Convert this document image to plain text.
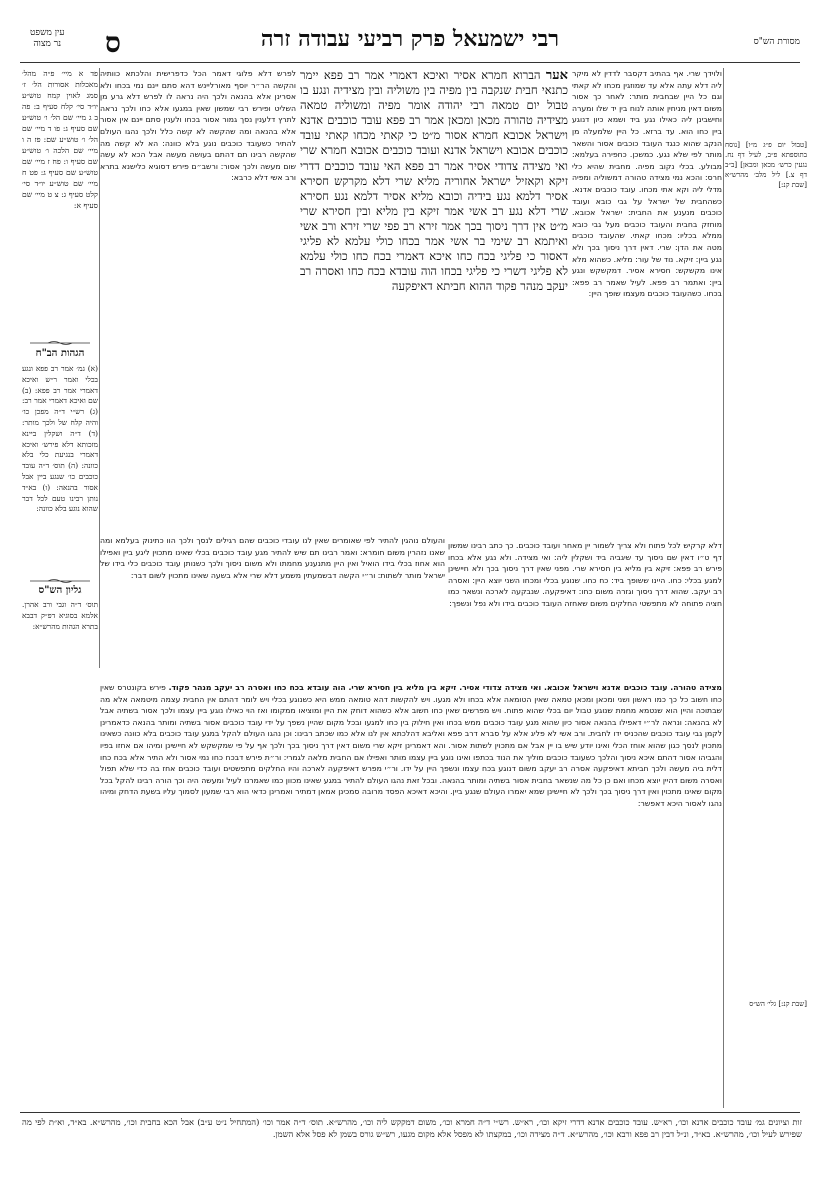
עין משפט
נר מצוה ס	רבי ישמעאל פרק רביעי עבודה זרה	מסורת הש"ס
פד א מיי׳ פ״ה מהל׳ מאכלות אסורות הל׳ ז׳ סמג לאוין קמח טוש״ע יו״ד סי׳ קלח סעיף ב: פה ב ג מיי׳ שם הל׳ ו׳ טוש״ע שם סעיף ג: פו ד מיי׳ שם הל׳ ו׳ טוש״ע שם: פז ה ו מיי׳ שם הלכה ו׳ טוש״ע שם סעיף ו: פח ז מיי׳ שם טוש״ע שם סעיף ג: פט ח מיי׳ שם טוש״ע יו״ד סי׳ קלט סעיף ג: צ ט מיי׳ שם סעיף א:
הגהות הב"ח
(א) גמ׳ אמר רב פפא ונגע בכלי ואמר ר״ש ואיכא דאמרי אמר רב פפא: (ב) שם ואיכא דאמרי אמר רב: (ג) רש״י ד״ה מפכן כו׳ והיה קלח של ולכך מותר: (ד) ד״ה ושקלין ביינא מזכותא דלא פירש׳ ואיכא דאמרי בנגיעת כלי בלא כוונה: (ה) תוס׳ ד״ה עובד כוכבים כו׳ שנגע ביין אבל אסור בהנאה: (ו) בא״ד נותן רבינו טעם לכל דבר שהוא נוגע בלא כוונה:
גליון הש"ס
תוס׳ ד״ה וגבי ורב אהרן. אלמא בסוגיא דפ״ק דבבא בתרא הגהות מהרש״א:
לפרש דלא פלוגי דאמר הכל כדפרישית והלכתא כוותיה והקשה הר״ר יוסף מאורליינש דהא סתם יינם נמי בכחו ולא אסרינן אלא בהנאה ולכך היה נראה לו לפרש דלא גרע מן השליט ופירש רבי שמשון שאין במגעו אלא כחו ולכך נראה לתרץ דלענין נסך גמור אסור בכחו ולענין סתם יינם אין אסור אלא בהנאה ומה שהקשה לא קשה כלל ולכך נהגו העולם להתיר כשעובד כוכבים נוגע בלא כוונה: הא לא קשה מה שהקשה רבינו תם דהתם בעושה מעשה אבל הכא לא עשה שום מעשה ולכך אסור: ורשב״ם פירש דסוגיא כלישנא בתרא ורב אשי דלא כרבא:
אער הברוא חמרא אסיר ואיכא דאמרי אמר רב פפא יימר כתנאי חבית שנקבה בין מפיה בין משוליה ובין מצידיה ונגע בו טבול יום טמאה רבי יהודה אומר מפיה ומשוליה טמאה מצידיה טהורה מכאן ומכאן אמר רב פפא עובד כוכבים אדנא וישראל אכובא חמרא אסור מ״ט כי קאתי מכחו קאתי עובד כוכבים אכובא וישראל אדנא ועובד כוכבים אכובא חמרא שרי ואי מצידה צדודי אסיר אמר רב פפא האי עובד כוכבים דדרי זיקא וקאזיל ישראל אחוריה מליא שרי דלא מקרקש חסירא אסיר דלמא נגע בידיה וכובא מליא אסיר דלמא נגע חסירא שרי דלא נגע רב אשי אמר זיקא בין מליא ובין חסירא שרי מ״ט אין דרך ניסוך בכך אמר זירא רב פפי שרי זירא ורב אשי ואיתמא רב שימי בר אשי אמר בכחו כולי עלמא לא פליגי דאסור כי פליגי בכח כחו איכא דאמרי בכח כחו כולי עלמא לא פליגי דשרי כי פליגי בכחו הוה עובדא בכח כחו ואסרה רב יעקב מנהר פקוד ההוא חביתא דאיפקעה
ולוידך שרי. אף בהתיב דקסבר לדדין לא מיקר ליה דלא עתה אלא עד שמוזגין מכחו לא קאתי וגם כל היין שבחבית מותר: לאחר כך אסור משום דאין מניחין אותה לנוח בין יד שלו ומערה וחישבינן ליה כאילו נגע ביד ושמא כיון דנוגע ביין כחו הוא. עד ברזא. כל היין שלמעלה מן הנקב שהוא כנגד העובד כוכבים אסור והשאר מותר לפי שלא נגע. כמשכן. כחפירה בעלמא: מבולע. בכלי נקוב מפיה. מחבית שהיא כלי חרס: והכא נמי מצידה טהורה דמשוליה ומפיה מדלי ליה וקא אתי מכחו. עובד כוכבים אדנא. כשהחבית של ישראל על גבי כובא ועובד כוכבים מנענע את החבית: ישראל אכובא. מוחזק בחבית והעובד כוכבים מעל גבי כובא ממלא בכליו: מכחו קאתי. שהעובד כוכבים מטה את הדן: שרי. דאין דרך ניסוך בכך ולא נגע ביין: זיקא. נוד של עור: מליא. כשהוא מלא אינו מקשקש: חסירא אסיר. דמקשקש ונגע ביין: ואתמר רב פפא. לעיל שאמר רב פפא: בכחו. כשהעובד כוכבים מעצמו שופך היין:
[טבול יום פ״ג מ״ו] [נוסח בתוספתא פ״ב, לעיל דף נח. נגעין כרש׳ מכאן ומכאן] [ב״ב דף צ.] ליל מלב׳ מהרש״א [שבת קנ:]
דלא קרקיש לכל פתוח ולא צריך לשמור יין מאחר ועובד כוכבים. כך כתב רבינו שמשון דף ט״ו דאין שם ניסוך עד שיגביה ביד ושקלין ליה: ואי מצידה. ולא נגע אלא בכחו פירש רב פפא: זיקא בין מליא בין חסירא שרי. מפני שאין דרך ניסוך בכך ולא חיישינן למגע בכלי: כחו. היינו ששופך ביד: כח כחו. שנוגע בכלי ומכחו השני יוצא היין: ואסרה רב יעקב. שהוא דרך ניסוך וגזרה משום כחו: דאיפקעה. שנבקעה לארכה ונשאר כמו חציה פתוחה לא מתפשטי החלקים משום שאחזה העובד כוכבים בידו ולא נפל ונשפך:
והעולם נוהגין להתיר לפי שאומרים שאין לנו עובדי כוכבים שהם רגילים לנסך ולכך הוו כתינוק בעלמא ומה שאנו נזהרין משום חומרא: ואמר רבינו תם שיש להתיר מגע עובד כוכבים בכלי שאינו מתכוין ליגע ביין ואפילו הוא אחוז בכלי בידו הואיל ואין היין מתנענע מחמתו ולא משום ניסוך ולכך כשנותן עובד כוכבים כלי בידו של ישראל מותר לשתות: ור״י הקשה דבשמעתין משמע דלא שרי אלא בשעה שאינו מתכוין לשום דבר:
מצידה טהורה. עובד כוכבים אדנא וישראל אכובא. ואי מצידה צדודי אסיר. זיקא בין מליא בין חסירא שרי. הוה עובדא בכח כחו ואסרה רב יעקב מנהר פקוד. פירש בקונטרס שאין כחו חשוב כל כך כמו ראשון ושני ומכאן ומכאן טמאה שאין הטומאה אלא בכחו ולא מגעו. ויש להקשות דהא טומאה ממש היא כשנוגע בכלי ויש לומר דהתם אין החבית עצמה מיטמאה אלא מה שבתוכה והיין הוא שנטמא מחמת שנוגע טבול יום בכלי שהוא פתוח. ויש מפרשים שאין כחו חשוב אלא כשהוא דוחק את היין ומוציאו ממקומו ואז הוי כאילו נוגע ביין עצמו ולכך אסור בשתיה אבל לא בהנאה: ונראה לר״י דאפילו בהנאה אסור כיון שהוא מגע עובד כוכבים ממש בכחו ואין חילוק בין כחו למגעו ובכל מקום שהיין נשפך על ידי עובד כוכבים אסור בשתיה ומותר בהנאה כדאמרינן לקמן גבי עובד כוכבים שהכניס ידו לחבית. ורב אשי לא פליג אלא על סברא דרב פפא ואליבא דהלכתא אין לנו אלא כמו שכתב רבינו: וכן נהגו העולם להקל במגע עובד כוכבים בלא כוונה כשאינו מתכוין לנסך כגון שהוא אוחז הכלי ואינו יודע שיש בו יין אבל אם מתכוין לשתות אסור. והא דאמרינן זיקא שרי משום דאין דרך ניסוך בכך ולכך אף על פי שמקשקש לא חיישינן ומיהו אם אחזו בפיו והגביהו אסור דהתם איכא ניסוך והלכך כשעובד כוכבים מוליך את הנוד בכתפו ואינו נוגע ביין עצמו מותר ואפילו אם החבית מלאה לגמרי: ור״ת פירש דבכח כחו נמי אסור ולא התיר אלא בכח כחו דלית ביה מעשה ולכך חביתא דאיפקעה אסרה רב יעקב משום דנוגע בכח עצמו ונשפך היין על ידו. ור״י מפרש דאיפקעה לארכה והיו החלקים מתפשטים ועובד כוכבים אחז בה כדי שלא תפול ואסרה משום דהיין יוצא מכחו ואם כן כל מה שנשאר בחבית אסור בשתיה ומותר בהנאה. ובכל זאת נהגו העולם להתיר במגע שאינו מכוון כמו שאמרנו לעיל ומעשה היה וכך הורה רבינו להקל בכל מקום שאינו מתכוין ואין דרך ניסוך בכך ולכך לא חיישינן שמא יאמרו העולם שנגע ביין. והיכא דאיכא הפסד מרובה סמכינן אמאן דמתיר ואמרינן כדאי הוא רבי שמעון לסמוך עליו בשעת הדחק ומיהו נהגו לאסור היכא דאפשר:
[שבת קנ:] גלי׳ הש״ס
זות וציונים גמ׳ עובד כוכבים אדנא וכו׳, רא״ש. עובד כוכבים אדנא דדרי זיקא וכו׳, רא״ש. רש״י ד״ה חמרא וכו׳, משום דמקקש ליה וכו׳, מהרש״א. תוס׳ ד״ה אמר וכו׳ (המתחיל נ״ט ע״ב) אבל הכא בחבית וכו׳, מהרש״א. בא״ד, וא״ת לפי מה שפירש לעיל וכו׳, מהרש״א. בא״ד, ונ״ל דבין רב פפא ורבא וכו׳, מהרש״א. ד״ה מצידה וכו׳, במקצתו לא מפסל אלא מקום מגעו, רש״ש גורס בשמן לא פסל אלא השמן.
